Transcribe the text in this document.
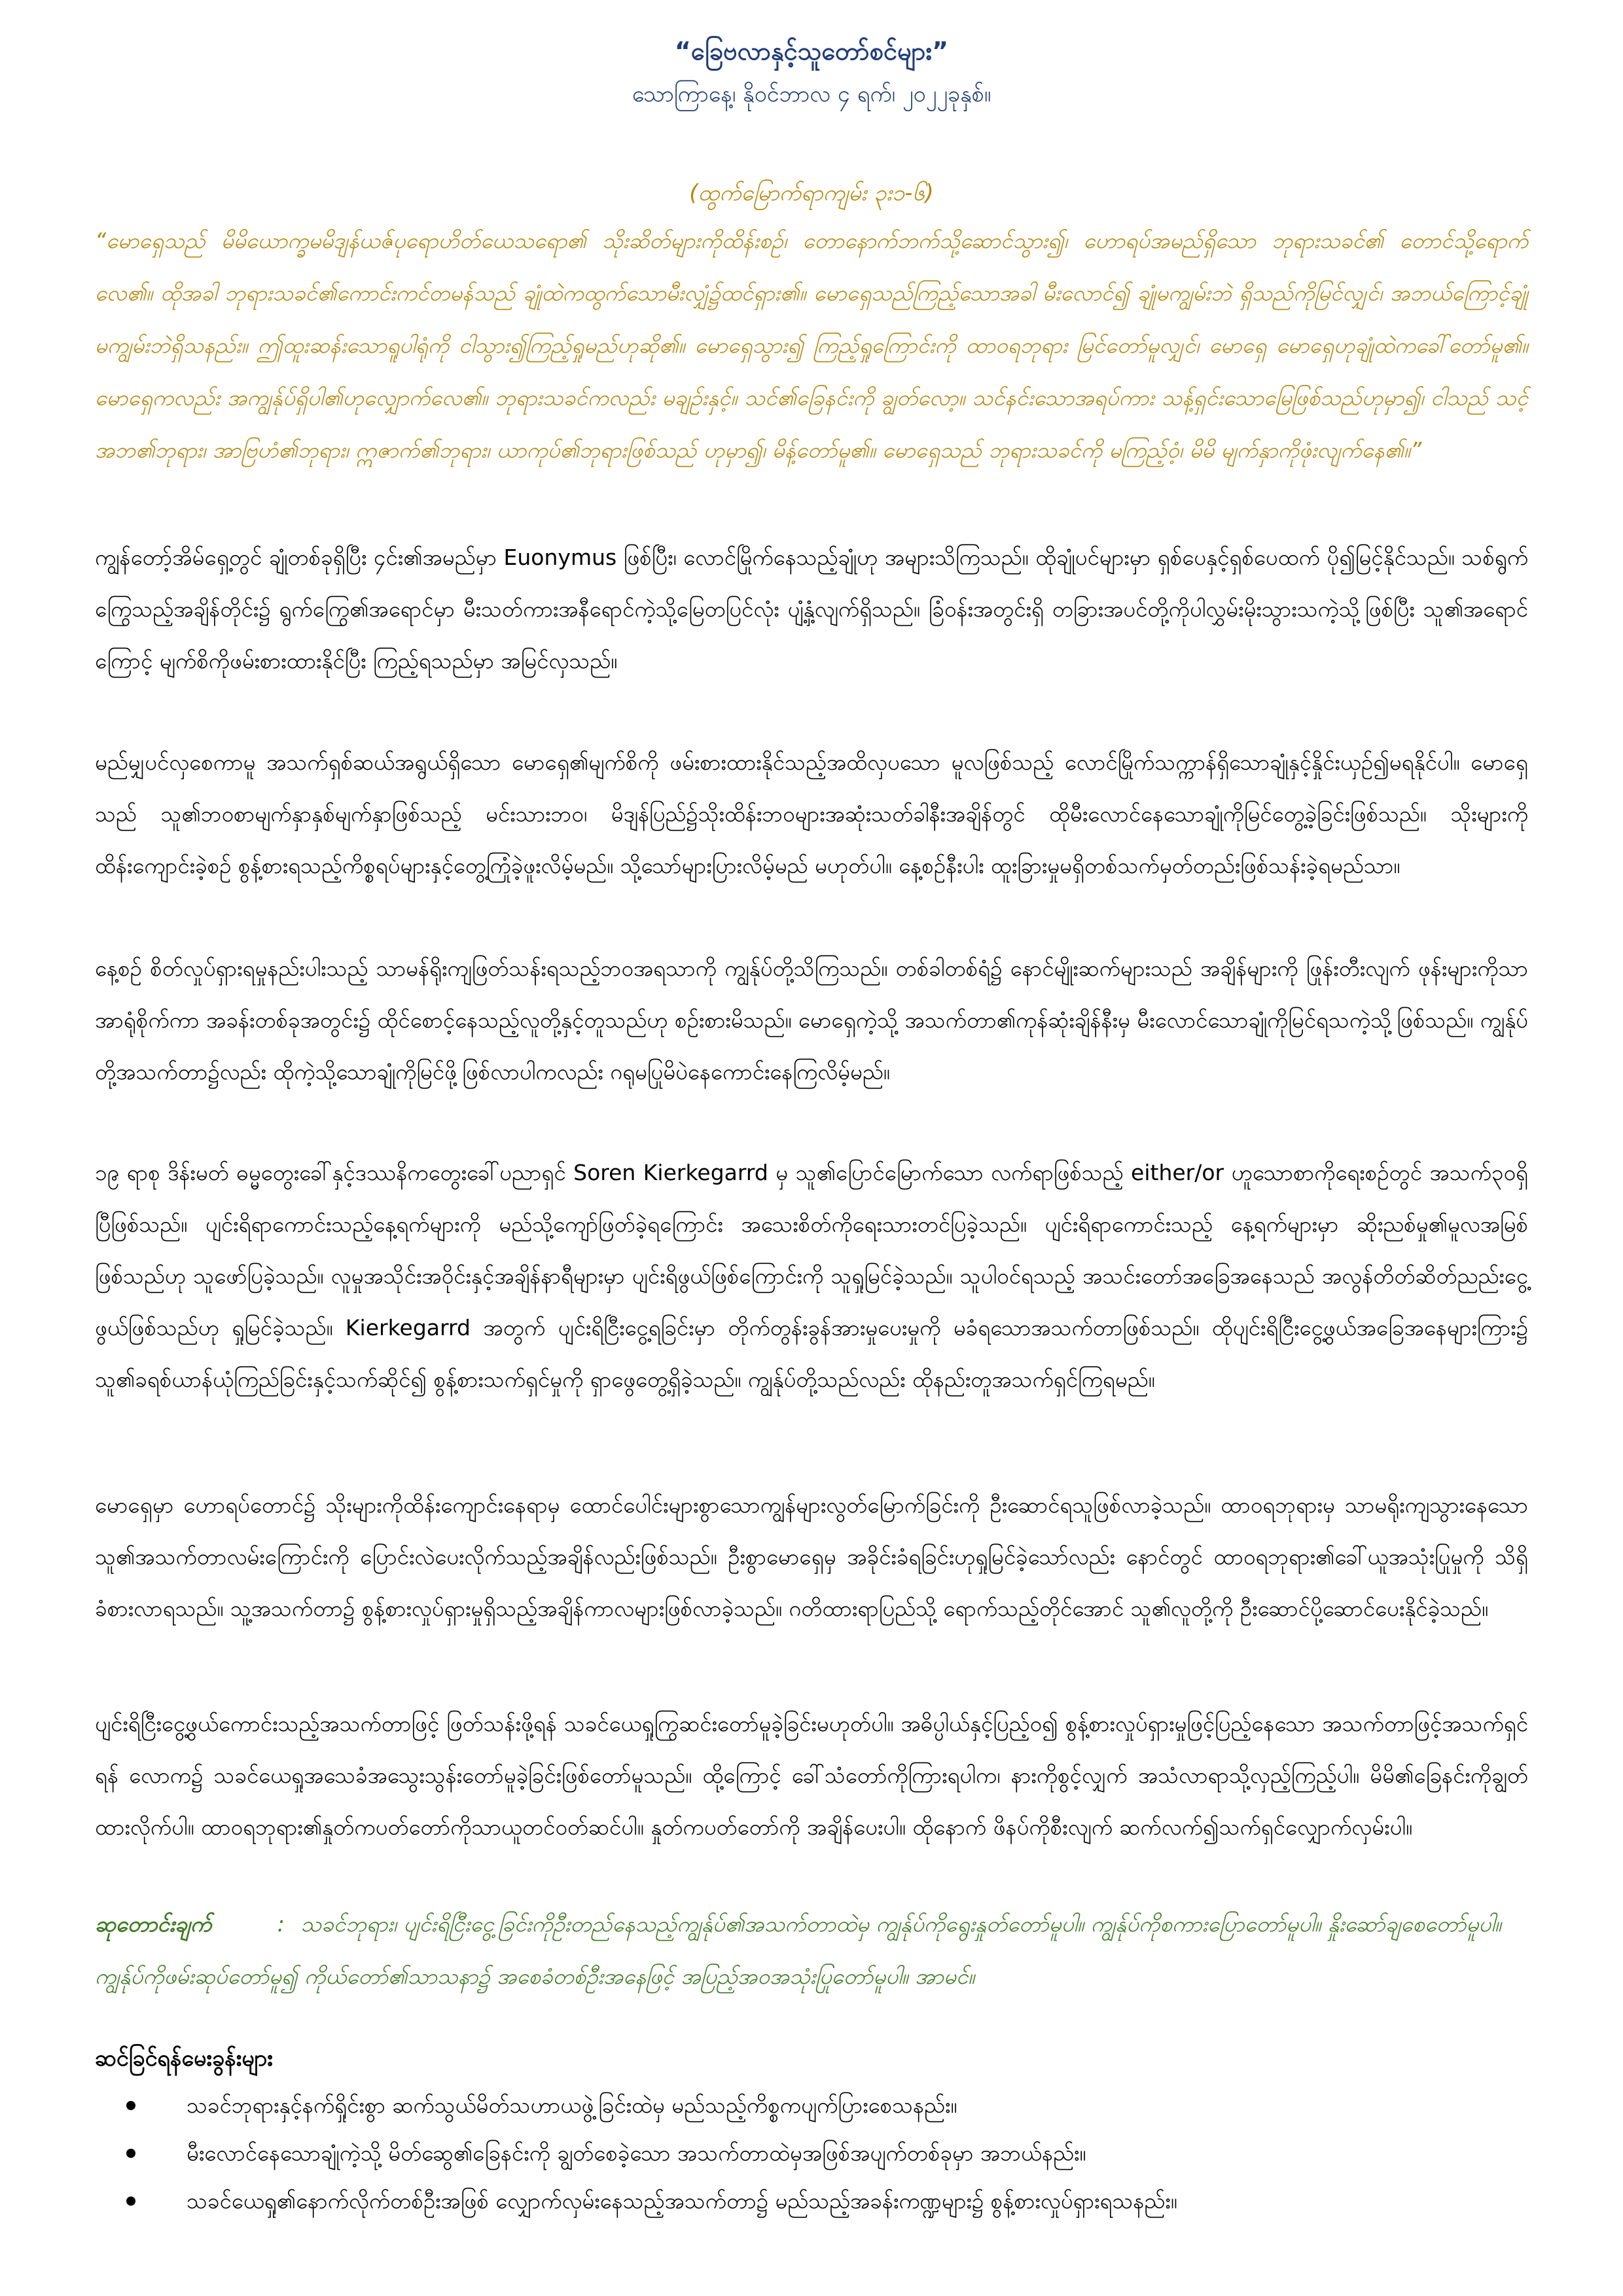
“ခြေဗလာနှင့်သူတော်စင်များ”
သောကြာနေ့၊ နိုဝင်ဘာလ ၄ ရက်၊ ၂၀၂၂ခုနှစ်။
(ထွက်မြောက်ရာကျမ်း ၃း၁-၆)
“မောရှေသည် မိမိယောက္ခမမိဒျန်ယဇ်ပုရောဟိတ်ယေသရော၏ သိုးဆိတ်များကိုထိန်းစဉ်၊ တောနောက်ဘက်သို့ဆောင်သွား၍၊ ဟောရပ်အမည်ရှိသော ဘုရားသခင်၏ တောင်သို့ရောက်လေ၏။ ထိုအခါ ဘုရားသခင်၏ကောင်းကင်တမန်သည် ချုံထဲကထွက်သောမီးလျှံ၌ထင်ရှား၏။ မောရှေသည်ကြည့်သောအခါ မီးလောင်၍ ချုံမကျွမ်းဘဲ ရှိသည်ကိုမြင်လျှင်၊ အဘယ်ကြောင့်ချုံမကျွမ်းဘဲရှိသနည်း။ ဤထူးဆန်းသောရူပါရုံကို ငါသွား၍ကြည့်ရှုမည်ဟုဆို၏။ မောရှေသွား၍ ကြည့်ရှုကြောင်းကို ထာဝရဘုရား မြင်တော်မူလျှင်၊ မောရှေ မောရှေဟုချုံထဲကခေါ်တော်မူ၏။ မောရှေကလည်း အကျွန်ုပ်ရှိပါ၏ဟုလျှောက်လေ၏။ ဘုရားသခင်ကလည်း မချဉ်းနှင့်။ သင်၏ခြေနင်းကို ချွတ်လော့။ သင်နင်းသောအရပ်ကား သန့်ရှင်းသောမြေဖြစ်သည်ဟုမှာ၍၊ ငါသည် သင့်အဘ၏ဘုရား၊ အာဗြဟံ၏ဘုရား၊ ဣဇာက်၏ဘုရား၊ ယာကုပ်၏ဘုရားဖြစ်သည် ဟုမှာ၍၊ မိန့်တော်မူ၏။ မောရှေသည် ဘုရားသခင်ကို မကြည့်ဝံ့၊ မိမိ မျက်နှာကိုဖုံးလျက်နေ၏။”
ကျွန်တော့်အိမ်ရှေ့တွင် ချုံတစ်ခုရှိပြီး ၄င်း၏အမည်မှာ Euonymus ဖြစ်ပြီး၊ လောင်မြိုက်နေသည့်ချုံဟု အများသိကြသည်။ ထိုချုံပင်များမှာ ရှစ်ပေနှင့်ရှစ်ပေထက် ပို၍မြင့်နိုင်သည်။ သစ်ရွက်ကြွေသည့်အချိန်တိုင်း၌ ရွက်ကြွေ၏အရောင်မှာ မီးသတ်ကားအနီရောင်ကဲ့သို့မြေတပြင်လုံး ပျံ့နှံ့လျက်ရှိသည်။ ခြံဝန်းအတွင်းရှိ တခြားအပင်တို့ကိုပါလွှမ်းမိုးသွားသကဲ့သို့ဖြစ်ပြီး သူ၏အရောင်ကြောင့် မျက်စိကိုဖမ်းစားထားနိုင်ပြီး ကြည့်ရသည်မှာ အမြင်လှသည်။
မည်မျှပင်လှစေကာမူ အသက်ရှစ်ဆယ်အရွယ်ရှိသော မောရှေ၏မျက်စိကို ဖမ်းစားထားနိုင်သည့်အထိလှပသော မူလဖြစ်သည့် လောင်မြိုက်သက္ကာန်ရှိသောချုံနှင့်နှိုင်းယှဉ်၍မရနိုင်ပါ။ မောရှေသည် သူ၏ဘဝစာမျက်နှာနှစ်မျက်နှာဖြစ်သည့် မင်းသားဘဝ၊ မိဒျန်ပြည်၌သိုးထိန်းဘဝများအဆုံးသတ်ခါနီးအချိန်တွင် ထိုမီးလောင်နေသောချုံကိုမြင်တွေ့ခဲ့ခြင်းဖြစ်သည်။ သိုးများကိုထိန်းကျောင်းခဲ့စဉ် စွန့်စားရသည့်ကိစ္စရပ်များနှင့်တွေ့ကြုံခဲ့ဖူးလိမ့်မည်။ သို့သော်များပြားလိမ့်မည် မဟုတ်ပါ။ နေ့စဉ်နီးပါး ထူးခြားမှုမရှိတစ်သက်မှတ်တည်းဖြစ်သန်းခဲ့ရမည်သာ။
နေ့စဉ် စိတ်လှုပ်ရှားရမှုနည်းပါးသည့် သာမန်ရိုးကျဖြတ်သန်းရသည့်ဘဝအရသာကို ကျွန်ုပ်တို့သိကြသည်။ တစ်ခါတစ်ရံ၌ နောင်မျိုးဆက်များသည် အချိန်များကို ဖြုန်းတီးလျက် ဖုန်းများကိုသာအာရုံစိုက်ကာ အခန်းတစ်ခုအတွင်း၌ ထိုင်စောင့်နေသည့်လူတို့နှင့်တူသည်ဟု စဉ်းစားမိသည်။ မောရှေကဲ့သို့ အသက်တာ၏ကုန်ဆုံးချိန်နီးမှ မီးလောင်သောချုံကိုမြင်ရသကဲ့သို့ဖြစ်သည်။ ကျွန်ုပ်တို့အသက်တာ၌လည်း ထိုကဲ့သို့သောချုံကိုမြင်ဖို့ဖြစ်လာပါကလည်း ဂရုမပြုမိပဲနေကောင်းနေကြလိမ့်မည်။
၁၉ ရာစု ဒိန်းမတ် ဓမ္မတွေးခေါ်နှင့်ဒဿနိကတွေးခေါ်ပညာရှင် Soren Kierkegarrd မှ သူ၏ပြောင်မြောက်သော လက်ရာဖြစ်သည့် either/or ဟူသောစာကိုရေးစဉ်တွင် အသက်၃၀ရှိပြီဖြစ်သည်။ ပျင်းရိရာကောင်းသည့်နေ့ရက်များကို မည်သို့ကျော်ဖြတ်ခဲ့ရကြောင်း အသေးစိတ်ကိုရေးသားတင်ပြခဲ့သည်။ ပျင်းရိရာကောင်းသည့် နေ့ရက်များမှာ ဆိုးညစ်မှု၏မူလအမြစ်ဖြစ်သည်ဟု သူဖော်ပြခဲ့သည်။ လူမှုအသိုင်းအဝိုင်းနှင့်အချိန်နာရီများမှာ ပျင်းရိဖွယ်ဖြစ်ကြောင်းကို သူရှုမြင်ခဲ့သည်။ သူပါဝင်ရသည့် အသင်းတော်အခြေအနေသည် အလွန်တိတ်ဆိတ်ညည်းငွေ့ဖွယ်ဖြစ်သည်ဟု ရှုမြင်ခဲ့သည်။ Kierkegarrd အတွက် ပျင်းရိငြီးငွေ့ရခြင်းမှာ တိုက်တွန်းခွန်အားမှုပေးမှုကို မခံရသောအသက်တာဖြစ်သည်။ ထိုပျင်းရိငြီးငွေ့ဖွယ်အခြေအနေများကြား၌ သူ၏ခရစ်ယာန်ယုံကြည်ခြင်းနှင့်သက်ဆိုင်၍ စွန့်စားသက်ရှင်မှုကို ရှာဖွေတွေ့ရှိခဲ့သည်။ ကျွန်ုပ်တို့သည်လည်း ထိုနည်းတူအသက်ရှင်ကြရမည်။
မောရှေမှာ ဟောရပ်တောင်၌ သိုးများကိုထိန်းကျောင်းနေရာမှ ထောင်ပေါင်းများစွာသောကျွန်များလွတ်မြောက်ခြင်းကို ဦးဆောင်ရသူဖြစ်လာခဲ့သည်။ ထာဝရဘုရားမှ သာမရိုးကျသွားနေသောသူ၏အသက်တာလမ်းကြောင်းကို ပြောင်းလဲပေးလိုက်သည့်အချိန်လည်းဖြစ်သည်။ ဦးစွာမောရှေမှ အခိုင်းခံရခြင်းဟုရှုမြင်ခဲ့သော်လည်း နောင်တွင် ထာဝရဘုရား၏ခေါ်ယူအသုံးပြုမှုကို သိရှိခံစားလာရသည်။ သူ့အသက်တာ၌ စွန့်စားလှုပ်ရှားမှုရှိသည့်အချိန်ကာလများဖြစ်လာခဲ့သည်။ ဂတိထားရာပြည်သို့ ရောက်သည့်တိုင်အောင် သူ၏လူတို့ကို ဦးဆောင်ပို့ဆောင်ပေးနိုင်ခဲ့သည်။
ပျင်းရိငြီးငွေ့ဖွယ်ကောင်းသည့်အသက်တာဖြင့် ဖြတ်သန်းဖို့ရန် သခင်ယေရှုကြွဆင်းတော်မူခဲ့ခြင်းမဟုတ်ပါ။ အဓိပ္ပါယ်နှင့်ပြည့်ဝ၍ စွန့်စားလှုပ်ရှားမှုဖြင့်ပြည့်နေသော အသက်တာဖြင့်အသက်ရှင်ရန် လောက၌ သခင်ယေရှုအသေခံအသွေးသွန်းတော်မူခဲ့ခြင်းဖြစ်တော်မူသည်။ ထို့ကြောင့် ခေါ်သံတော်ကိုကြားရပါက၊ နားကိုစွင့်လျှက် အသံလာရာသို့လှည့်ကြည့်ပါ။ မိမိ၏ခြေနင်းကိုချွတ်ထားလိုက်ပါ။ ထာဝရဘုရား၏နှုတ်ကပတ်တော်ကိုသာယူတင်ဝတ်ဆင်ပါ။ နှုတ်ကပတ်တော်ကို အချိန်ပေးပါ။ ထိုနောက် ဖိနပ်ကိုစီးလျက် ဆက်လက်၍သက်ရှင်လျှောက်လှမ်းပါ။
ဆုတောင်းချက်	: သခင်ဘုရား၊ ပျင်းရိငြီးငွေ့ခြင်းကိုဦးတည်နေသည့်ကျွန်ုပ်၏အသက်တာထဲမှ ကျွန်ုပ်ကိုရွေးနှုတ်တော်မူပါ။ ကျွန်ုပ်ကိုစကားပြောတော်မူပါ။ နှိုးဆော်ချစေတော်မူပါ။ ကျွန်ုပ်ကိုဖမ်းဆုပ်တော်မူ၍ ကိုယ်တော်၏သာသနာ၌ အစေခံတစ်ဦးအနေဖြင့် အပြည့်အဝအသုံးပြုတော်မူပါ။ အာမင်။
ဆင်ခြင်ရန်မေးခွန်းများ
သခင်ဘုရားနှင့်နက်ရှိုင်းစွာ ဆက်သွယ်မိတ်သဟာယဖွဲ့ခြင်းထဲမှ မည်သည့်ကိစ္စကပျက်ပြားစေသနည်း။
မီးလောင်နေသောချုံကဲ့သို့ မိတ်ဆွေ၏ခြေနင်းကို ချွတ်စေခဲ့သော အသက်တာထဲမှအဖြစ်အပျက်တစ်ခုမှာ အဘယ်နည်း။
သခင်ယေရှု၏နောက်လိုက်တစ်ဦးအဖြစ် လျှောက်လှမ်းနေသည့်အသက်တာ၌ မည်သည့်အခန်းကဏ္ဍများ၌ စွန့်စားလှုပ်ရှားရသနည်း။
